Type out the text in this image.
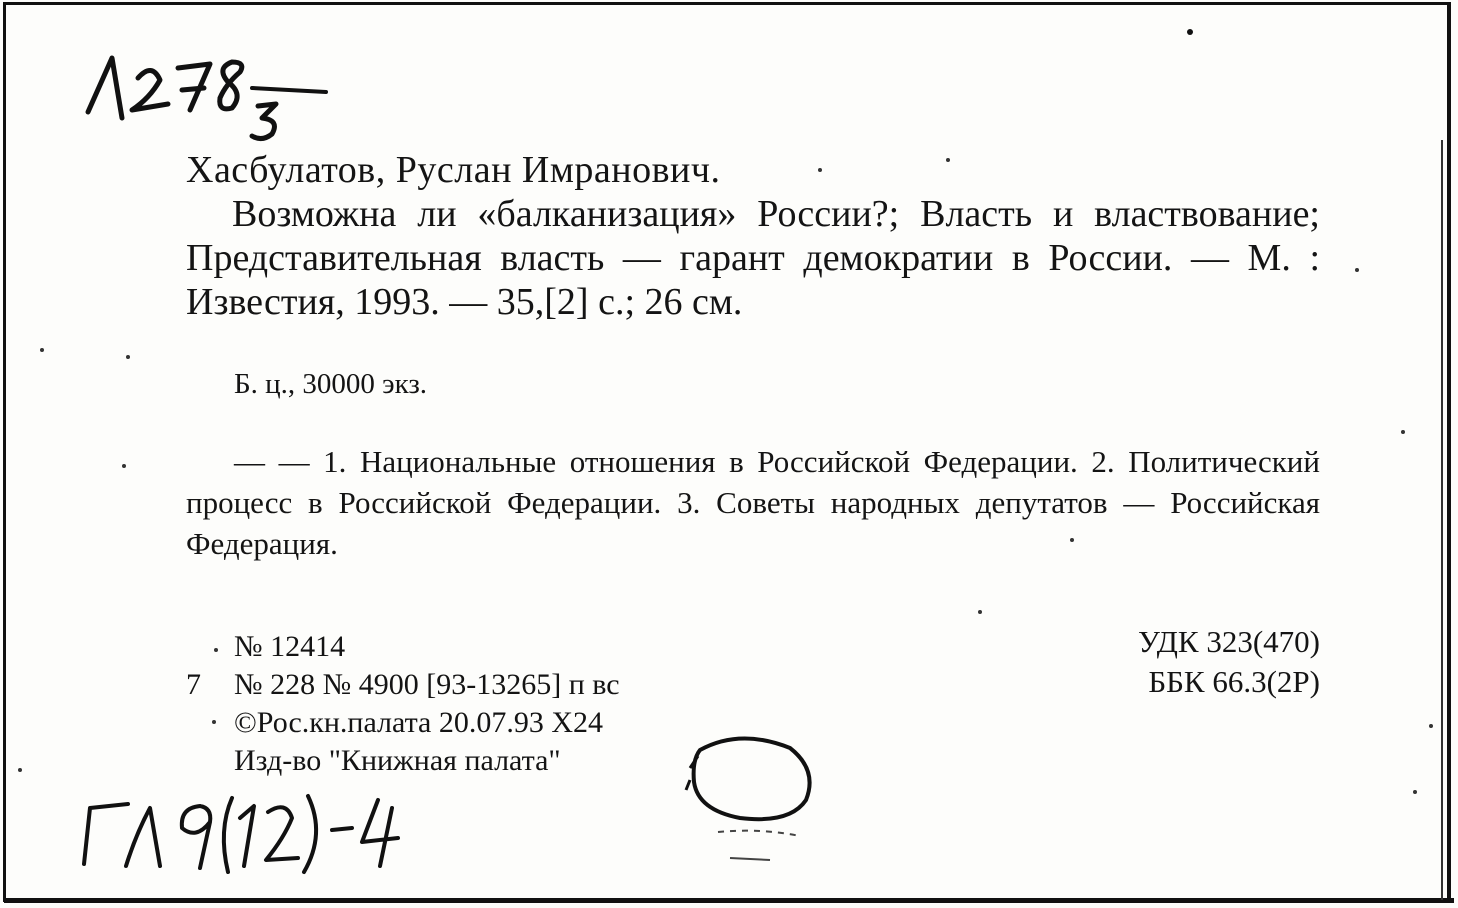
Хасбулатов, Руслан Имранович.

Возможна ли «балканизация» России?; Власть и властвование; Представительная власть — гарант демократии в России. — М. : Известия, 1993. — 35,[2] с.; 26 см.

Б. ц., 30000 экз.
— — 1. Национальные отношения в Российской Федерации. 2. Политический процесс в Российской Федерации. 3. Советы народных депутатов — Российская Федерация.
№ 12414
7 № 228 № 4900 [93-13265] п вс
©Рос.кн.палата 20.07.93 Х24
Изд-во "Книжная палата"
УДК 323(470)
ББК 66.3(2Р)
